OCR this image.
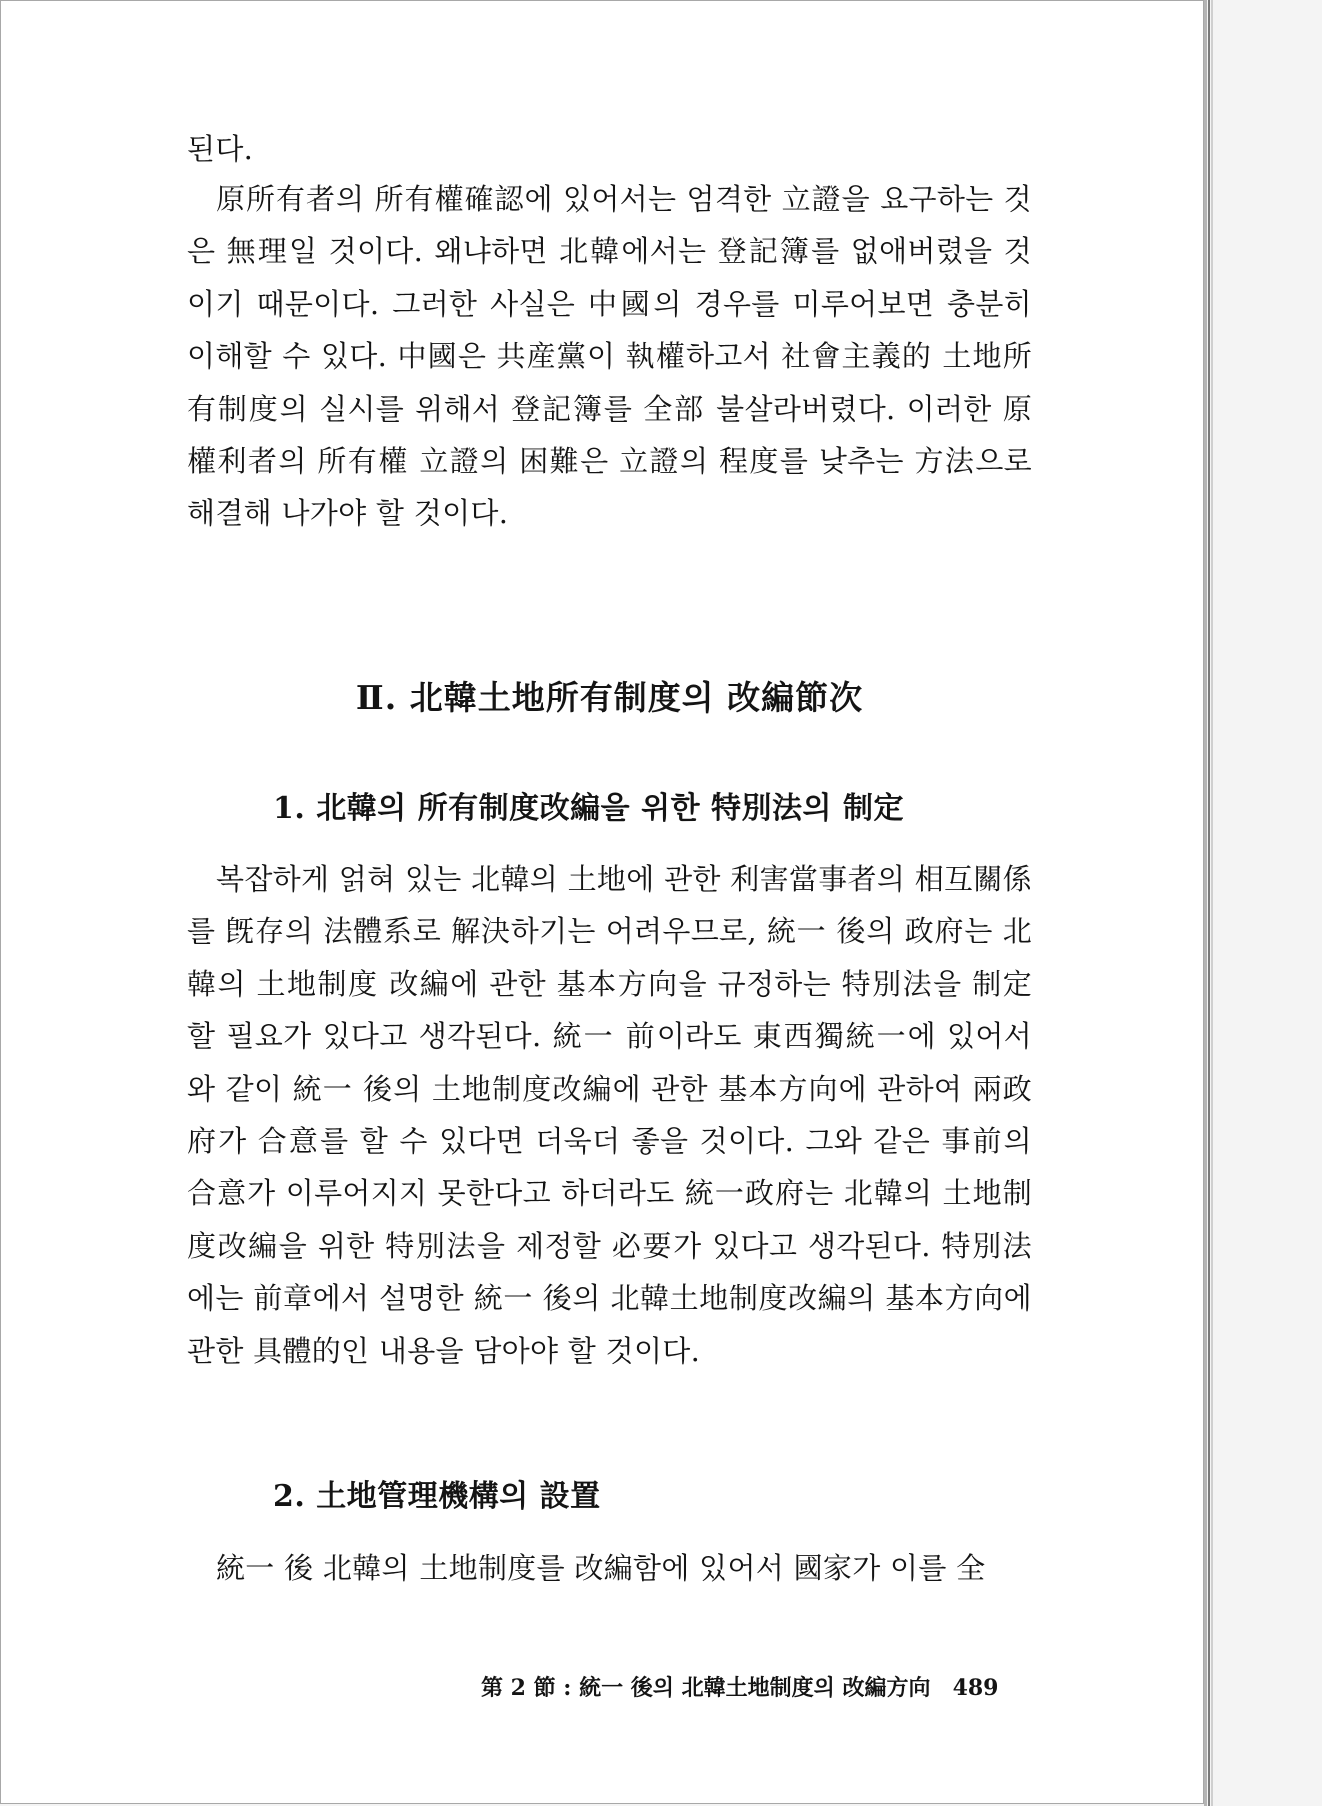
된다.

原所有者의 所有權確認에 있어서는 엄격한 立證을 요구하는 것은 無理일 것이다. 왜냐하면 北韓에서는 登記簿를 없애버렸을 것이기 때문이다. 그러한 사실은 中國의 경우를 미루어보면 충분히 이해할 수 있다. 中國은 共産黨이 執權하고서 社會主義的 土地所有制度의 실시를 위해서 登記簿를 全部 불살라버렸다. 이러한 原權利者의 所有權 立證의 困難은 立證의 程度를 낮추는 方法으로 해결해 나가야 할 것이다.

Ⅱ. 北韓土地所有制度의 改編節次
1. 北韓의 所有制度改編을 위한 特別法의 制定

복잡하게 얽혀 있는 北韓의 土地에 관한 利害當事者의 相互關係를 旣存의 法體系로 解決하기는 어려우므로, 統一 後의 政府는 北韓의 土地制度 改編에 관한 基本方向을 규정하는 特別法을 制定할 필요가 있다고 생각된다. 統一 前이라도 東西獨統一에 있어서와 같이 統一 後의 土地制度改編에 관한 基本方向에 관하여 兩政府가 合意를 할 수 있다면 더욱더 좋을 것이다. 그와 같은 事前의 合意가 이루어지지 못한다고 하더라도 統一政府는 北韓의 土地制度改編을 위한 特別法을 제정할 必要가 있다고 생각된다. 特別法에는 前章에서 설명한 統一 後의 北韓土地制度改編의 基本方向에 관한 具體的인 내용을 담아야 할 것이다.

2. 土地管理機構의 設置

統一 後 北韓의 土地制度를 改編함에 있어서 國家가 이를 全

第 2 節 : 統一 後의 北韓土地制度의 改編方向 489
